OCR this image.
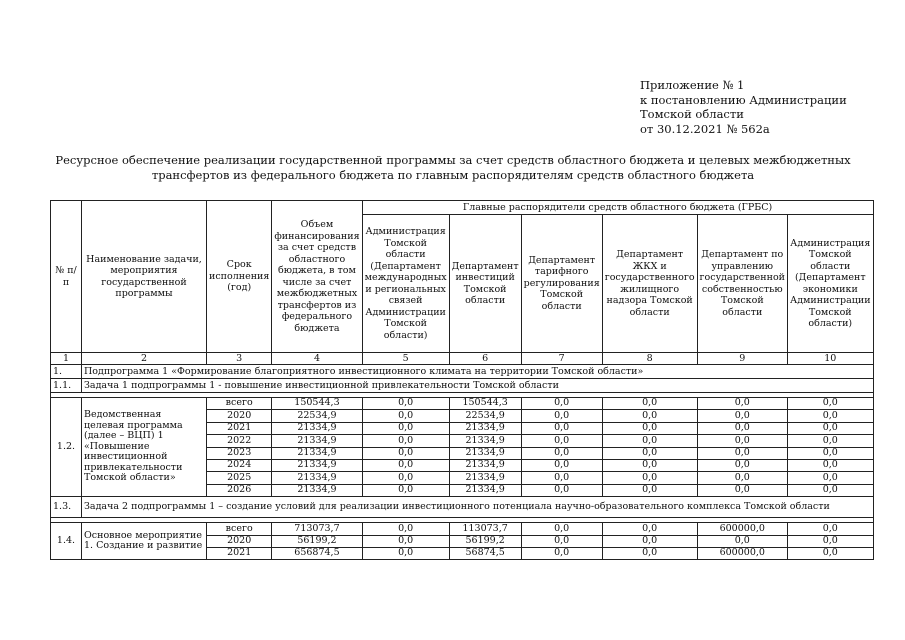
Приложение № 1
к постановлению Администрации
Томской области
от 30.12.2021 № 562а
Ресурсное обеспечение реализации государственной программы за счет средств областного бюджета и целевых межбюджетных
трансфертов из федерального бюджета по главным распорядителям средств областного бюджета
№ п/п	Наименование задачи, мероприятия государственной программы	Срок исполнения (год)	Объем финансирования за счет средств областного бюджета, в том числе за счет межбюджетных трансфертов из федерального бюджета	Главные распорядители средств областного бюджета (ГРБС)					
				Администрация Томской области (Департамент международных и региональных связей Администрации Томской области)	Департамент инвестиций Томской области	Департамент тарифного регулирования Томской области	Департамент ЖКХ и государственного жилищного надзора Томской области	Департамент по управлению государственной собственностью Томской области	Администрация Томской области (Департамент экономики Администрации Томской области)
1	2	3	4	5	6	7	8	9	10
1.	Подпрограмма 1 «Формирование благоприятного инвестиционного климата на территории Томской области»								
1.1.	Задача 1 подпрограммы 1 - повышение инвестиционной привлекательности Томской области								

1.2.	Ведомственная целевая программа (далее – ВЦП) 1 «Повышение инвестиционной привлекательности Томской области»	всего	150544,3	0,0	150544,3	0,0	0,0	0,0	0,0
		2020	22534,9	0,0	22534,9	0,0	0,0	0,0	0,0
		2021	21334,9	0,0	21334,9	0,0	0,0	0,0	0,0
		2022	21334,9	0,0	21334,9	0,0	0,0	0,0	0,0
		2023	21334,9	0,0	21334,9	0,0	0,0	0,0	0,0
		2024	21334,9	0,0	21334,9	0,0	0,0	0,0	0,0
		2025	21334,9	0,0	21334,9	0,0	0,0	0,0	0,0
		2026	21334,9	0,0	21334,9	0,0	0,0	0,0	0,0
1.3.	Задача 2 подпрограммы 1 – создание условий для реализации инвестиционного потенциала научно-образовательного комплекса Томской области								

1.4.	Основное мероприятие 1. Создание и развитие	всего	713073,7	0,0	113073,7	0,0	0,0	600000,0	0,0
		2020	56199,2	0,0	56199,2	0,0	0,0	0,0	0,0
		2021	656874,5	0,0	56874,5	0,0	0,0	600000,0	0,0
